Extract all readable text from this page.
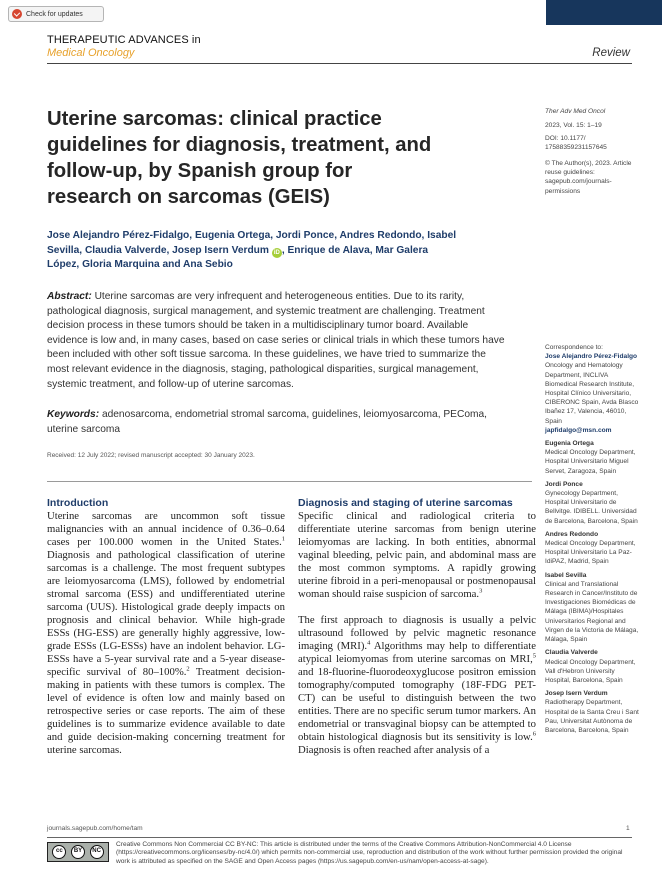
Check for updates
THERAPEUTIC ADVANCES in
Medical Oncology	Review
Uterine sarcomas: clinical practice guidelines for diagnosis, treatment, and follow-up, by Spanish group for research on sarcomas (GEIS)
Jose Alejandro Pérez-Fidalgo, Eugenia Ortega, Jordi Ponce, Andres Redondo, Isabel Sevilla, Claudia Valverde, Josep Isern Verdum iD , Enrique de Alava, Mar Galera López, Gloria Marquina and Ana Sebio
Ther Adv Med Oncol
2023, Vol. 15: 1–19
DOI: 10.1177/ 17588359231157645
© The Author(s), 2023. Article reuse guidelines: sagepub.com/journals-permissions
Correspondence to:
Jose Alejandro Pérez-Fidalgo
Oncology and Hematology Department, INCLIVA Biomedical Research Institute, Hospital Clínico Universitario, CIBERONC Spain, Avda Blasco Ibañez 17, Valencia, 46010, Spain
japfidalgo@msn.com
Eugenia Ortega
Medical Oncology Department, Hospital Universitario Miguel Servet, Zaragoza, Spain
Jordi Ponce
Gynecology Department, Hospital Universitario de Bellvitge. IDIBELL. Universidad de Barcelona, Barcelona, Spain
Andres Redondo
Medical Oncology Department, Hospital Universitario La Paz-IdiPAZ, Madrid, Spain
Isabel Sevilla
Clinical and Translational Research in Cancer/Instituto de Investigaciones Biomédicas de Málaga (IBIMA)/Hospitales Universitarios Regional and Virgen de la Victoria de Málaga, Málaga, Spain
Claudia Valverde
Medical Oncology Department, Vall d'Hebron University Hospital, Barcelona, Spain
Josep Isern Verdum
Radiotherapy Department, Hospital de la Santa Creu i Sant Pau, Universitat Autònoma de Barcelona, Barcelona, Spain
Abstract: Uterine sarcomas are very infrequent and heterogeneous entities. Due to its rarity, pathological diagnosis, surgical management, and systemic treatment are challenging. Treatment decision process in these tumors should be taken in a multidisciplinary tumor board. Available evidence is low and, in many cases, based on case series or clinical trials in which these tumors have been included with other soft tissue sarcoma. In these guidelines, we have tried to summarize the most relevant evidence in the diagnosis, staging, pathological disparities, surgical management, systemic treatment, and follow-up of uterine sarcomas.
Keywords: adenosarcoma, endometrial stromal sarcoma, guidelines, leiomyosarcoma, PEComa, uterine sarcoma
Received: 12 July 2022; revised manuscript accepted: 30 January 2023.
Introduction

Uterine sarcomas are uncommon soft tissue malignancies with an annual incidence of 0.36–0.64 cases per 100.000 women in the United States.$^1$ Diagnosis and pathological classification of uterine sarcomas is a challenge. The most frequent subtypes are leiomyosarcoma (LMS), followed by endometrial stromal sarcoma (ESS) and undifferentiated uterine sarcoma (UUS). Histological grade deeply impacts on prognosis and clinical behavior. While high-grade ESSs (HG-ESS) are generally highly aggressive, low-grade ESSs (LG-ESSs) have an indolent behavior. LG-ESSs have a 5-year survival rate and a 5-year disease-specific survival of 80–100%.$^2$ Treatment decision-making in patients with these tumors is complex. The level of evidence is often low and mainly based on retrospective series or case reports. The aim of these guidelines is to summarize evidence available to date and guide decision-making concerning treatment for uterine sarcomas.

Diagnosis and staging of uterine sarcomas

Specific clinical and radiological criteria to differentiate uterine sarcomas from benign uterine leiomyomas are lacking. In both entities, abnormal vaginal bleeding, pelvic pain, and abdominal mass are the most common symptoms. A rapidly growing uterine fibroid in a peri-menopausal or postmenopausal woman should raise suspicion of sarcoma.$^3$

The first approach to diagnosis is usually a pelvic ultrasound followed by pelvic magnetic resonance imaging (MRI).$^4$ Algorithms may help to differentiate atypical leiomyomas from uterine sarcomas on MRI,$^5$ and 18-fluorine-fluorodeoxyglucose positron emission tomography/computed tomography (18F-FDG PET-CT) can be useful to distinguish between the two entities. There are no specific serum tumor markers. An endometrial or transvaginal biopsy can be attempted to obtain histological diagnosis but its sensitivity is low.$^6$ Diagnosis is often reached after analysis of a

journals.sagepub.com/home/tam	1
cc	BY	NC
Creative Commons Non Commercial CC BY-NC: This article is distributed under the terms of the Creative Commons Attribution-NonCommercial 4.0 License (https://creativecommons.org/licenses/by-nc/4.0/) which permits non-commercial use, reproduction and distribution of the work without further permission provided the original work is attributed as specified on the SAGE and Open Access pages (https://us.sagepub.com/en-us/nam/open-access-at-sage).
